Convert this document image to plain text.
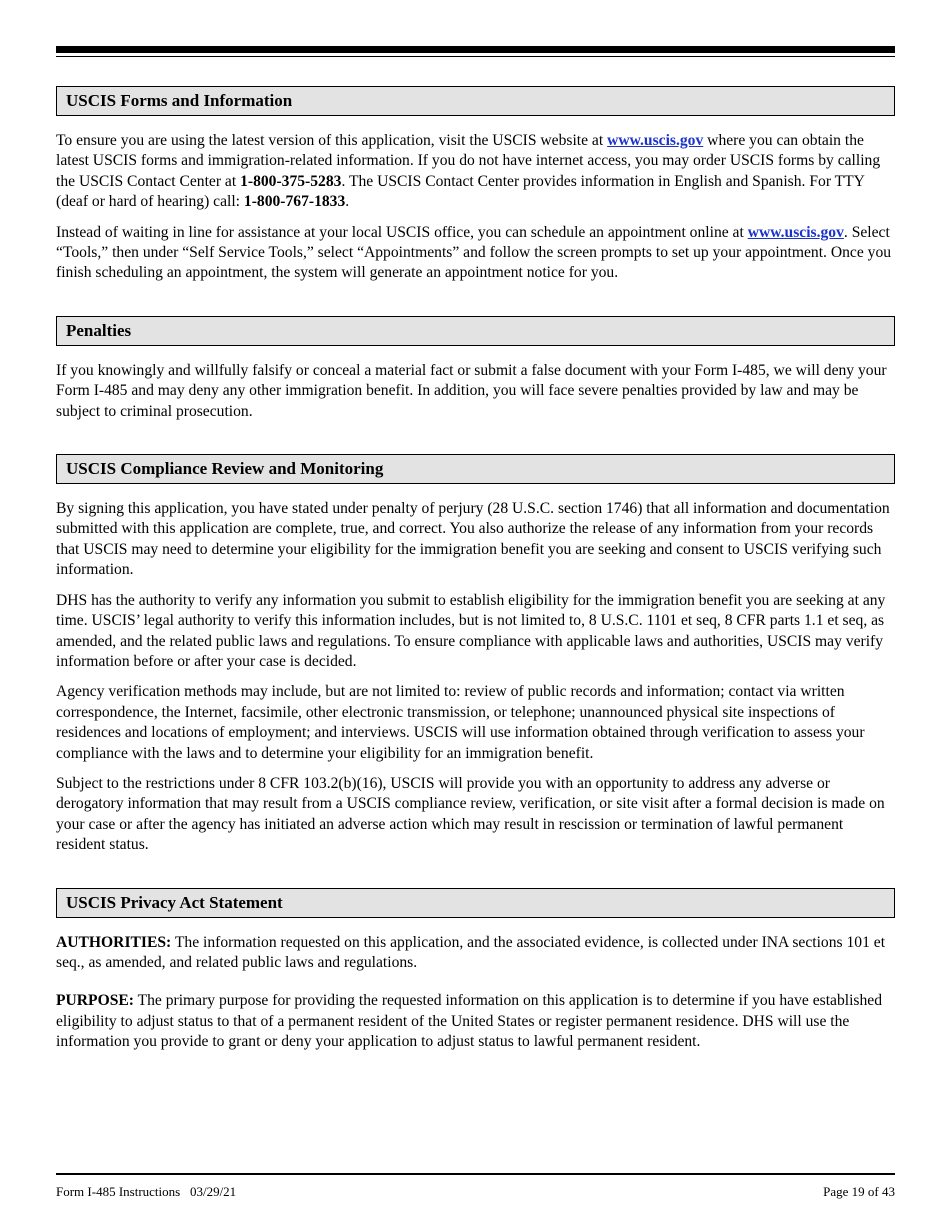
USCIS Forms and Information

To ensure you are using the latest version of this application, visit the USCIS website at www.uscis.gov where you can obtain the latest USCIS forms and immigration-related information. If you do not have internet access, you may order USCIS forms by calling the USCIS Contact Center at 1-800-375-5283. The USCIS Contact Center provides information in English and Spanish. For TTY (deaf or hard of hearing) call: 1-800-767-1833.

Instead of waiting in line for assistance at your local USCIS office, you can schedule an appointment online at www.uscis.gov. Select “Tools,” then under “Self Service Tools,” select “Appointments” and follow the screen prompts to set up your appointment. Once you finish scheduling an appointment, the system will generate an appointment notice for you.

Penalties

If you knowingly and willfully falsify or conceal a material fact or submit a false document with your Form I-485, we will deny your Form I-485 and may deny any other immigration benefit. In addition, you will face severe penalties provided by law and may be subject to criminal prosecution.

USCIS Compliance Review and Monitoring

By signing this application, you have stated under penalty of perjury (28 U.S.C. section 1746) that all information and documentation submitted with this application are complete, true, and correct. You also authorize the release of any information from your records that USCIS may need to determine your eligibility for the immigration benefit you are seeking and consent to USCIS verifying such information.

DHS has the authority to verify any information you submit to establish eligibility for the immigration benefit you are seeking at any time. USCIS’ legal authority to verify this information includes, but is not limited to, 8 U.S.C. 1101 et seq, 8 CFR parts 1.1 et seq, as amended, and the related public laws and regulations. To ensure compliance with applicable laws and authorities, USCIS may verify information before or after your case is decided.

Agency verification methods may include, but are not limited to: review of public records and information; contact via written correspondence, the Internet, facsimile, other electronic transmission, or telephone; unannounced physical site inspections of residences and locations of employment; and interviews. USCIS will use information obtained through verification to assess your compliance with the laws and to determine your eligibility for an immigration benefit.

Subject to the restrictions under 8 CFR 103.2(b)(16), USCIS will provide you with an opportunity to address any adverse or derogatory information that may result from a USCIS compliance review, verification, or site visit after a formal decision is made on your case or after the agency has initiated an adverse action which may result in rescission or termination of lawful permanent resident status.

USCIS Privacy Act Statement

AUTHORITIES: The information requested on this application, and the associated evidence, is collected under INA sections 101 et seq., as amended, and related public laws and regulations.

PURPOSE: The primary purpose for providing the requested information on this application is to determine if you have established eligibility to adjust status to that of a permanent resident of the United States or register permanent residence. DHS will use the information you provide to grant or deny your application to adjust status to lawful permanent resident.

Form I-485 Instructions   03/29/21	Page 19 of 43
